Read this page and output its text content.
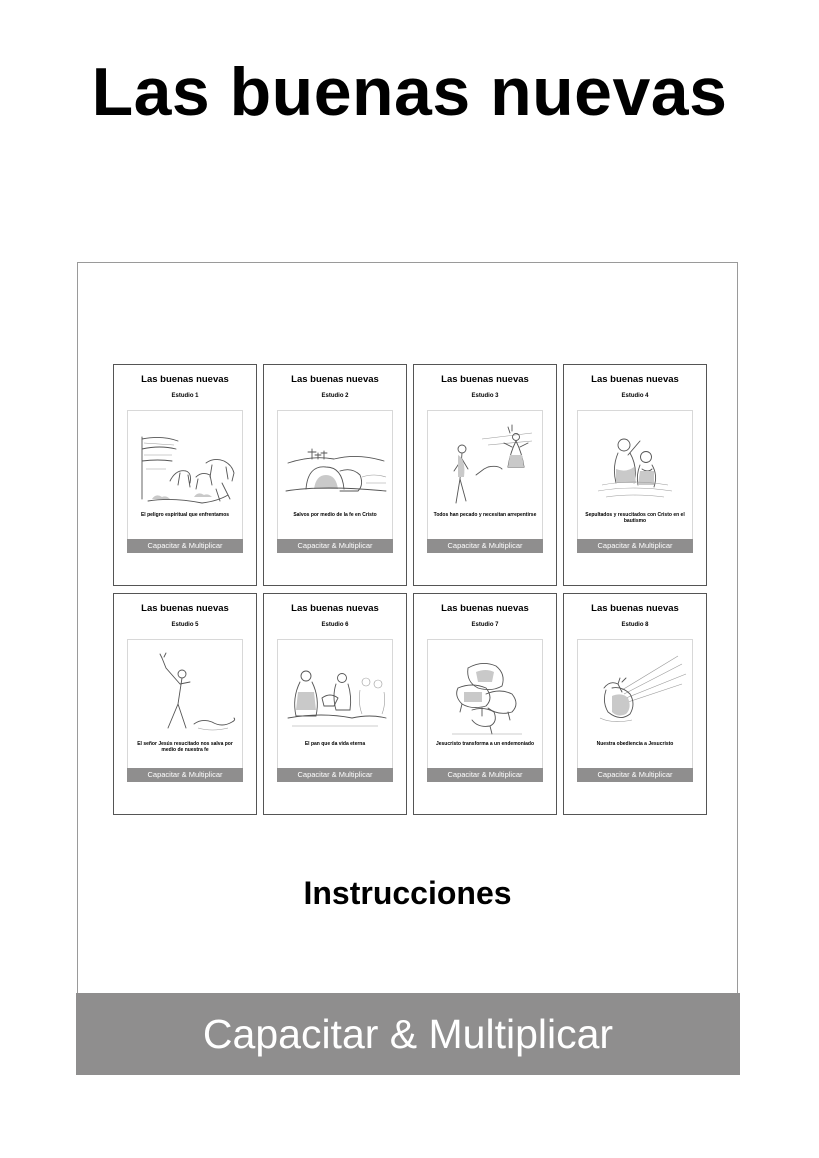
Las buenas nuevas
Las buenas nuevas
Estudio 1
El peligro espiritual que enfrentamos
Capacitar & Multiplicar
Las buenas nuevas
Estudio 2
Salvos por medio de la fe en Cristo
Capacitar & Multiplicar
Las buenas nuevas
Estudio 3
Todos han pecado y necesitan arrepentirse
Capacitar & Multiplicar
Las buenas nuevas
Estudio 4
Sepultados y resucitados con Cristo en el bautismo
Capacitar & Multiplicar
Las buenas nuevas
Estudio 5
El señor Jesús resucitado nos salva por medio de nuestra fe
Capacitar & Multiplicar
Las buenas nuevas
Estudio 6
El pan que da vida eterna
Capacitar & Multiplicar
Las buenas nuevas
Estudio 7
Jesucristo transforma a un endemoniado
Capacitar & Multiplicar
Las buenas nuevas
Estudio 8
Nuestra obediencia a Jesucristo
Capacitar & Multiplicar
Instrucciones
Capacitar & Multiplicar
